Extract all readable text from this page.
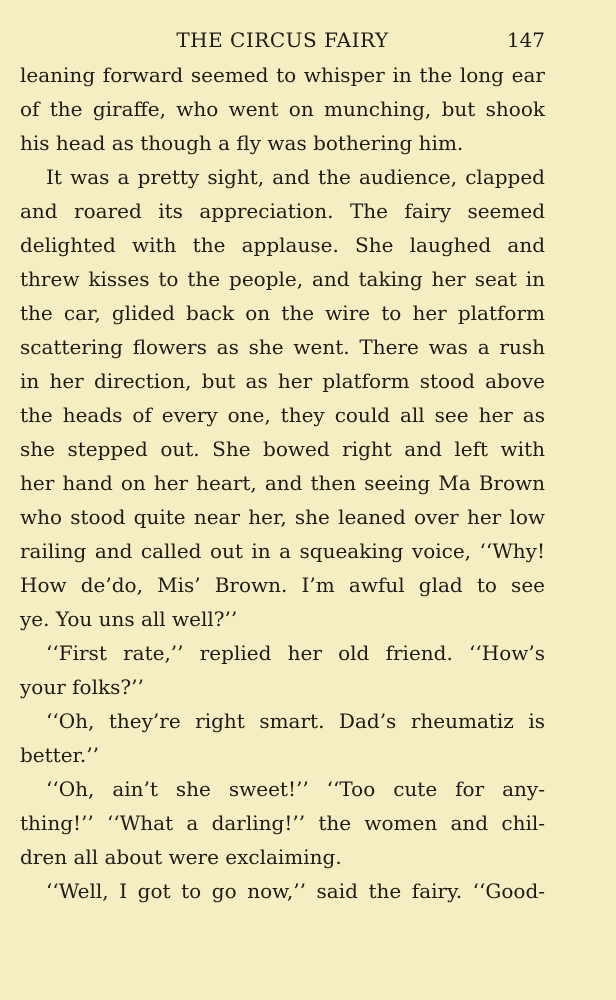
THE CIRCUS FAIRY	147
leaning forward seemed to whisper in the long ear
of the giraffe, who went on munching, but shook
his head as though a fly was bothering him.
It was a pretty sight, and the audience, clapped
and roared its appreciation. The fairy seemed
delighted with the applause. She laughed and
threw kisses to the people, and taking her seat in
the car, glided back on the wire to her platform
scattering flowers as she went. There was a rush
in her direction, but as her platform stood above
the heads of every one, they could all see her as
she stepped out. She bowed right and left with
her hand on her heart, and then seeing Ma Brown
who stood quite near her, she leaned over her low
railing and called out in a squeaking voice, ‘‘Why!
How de’do, Mis’ Brown. I’m awful glad to see
ye. You uns all well?’’
‘‘First rate,’’ replied her old friend. ‘‘How’s
your folks?’’
‘‘Oh, they’re right smart. Dad’s rheumatiz is
better.’’
‘‘Oh, ain’t she sweet!’’ ‘‘Too cute for any-
thing!’’ ‘‘What a darling!’’ the women and chil-
dren all about were exclaiming.
‘‘Well, I got to go now,’’ said the fairy. ‘‘Good-
